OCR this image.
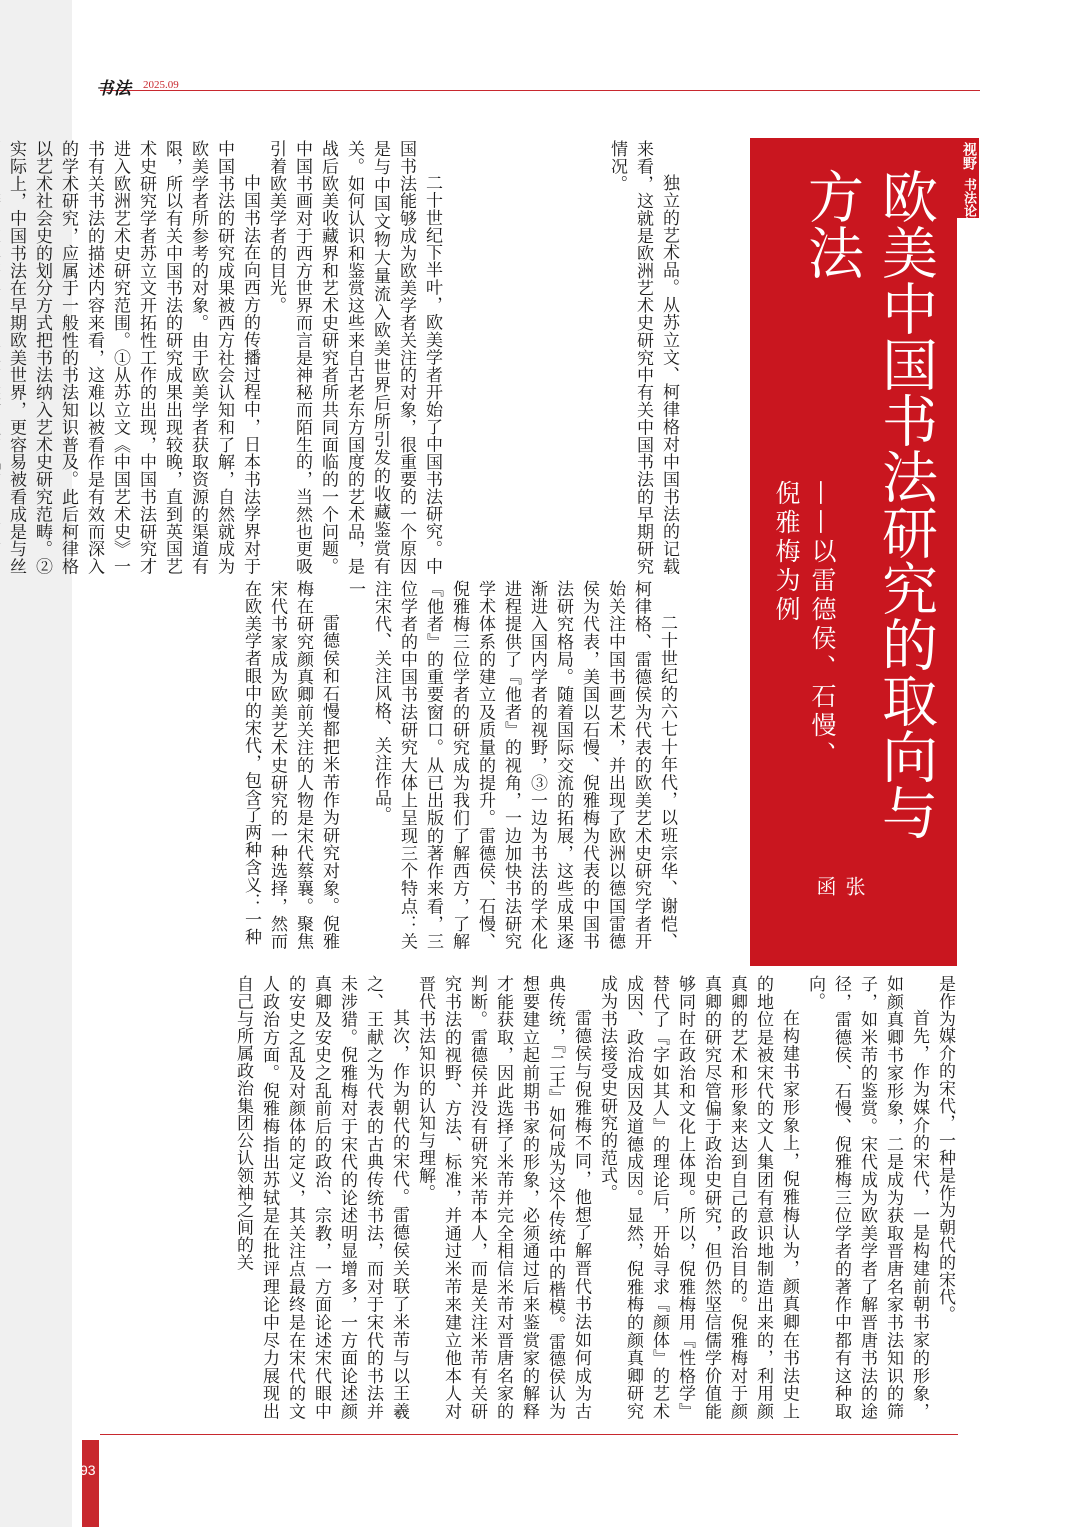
书法 2025.09
视野
书法论坛
欧美中国书法研究的取向与方法
——以雷德侯、石慢、倪雅梅为例
张 函

二十世纪下半叶，欧美学者开始了中国书法研究。中国书法能够成为欧美学者关注的对象，很重要的一个原因是与中国文物大量流入欧美世界后所引发的收藏鉴赏有关。如何认识和鉴赏这些来自古老东方国度的艺术品，是战后欧美收藏界和艺术史研究者所共同面临的一个问题。中国书画对于西方世界而言是神秘而陌生的，当然也更吸引着欧美学者的目光。

中国书法在向西方的传播过程中，日本书法学界对于中国书法的研究成果被西方社会认知和了解，自然就成为欧美学者所参考的对象。由于欧美学者获取资源的渠道有限，所以有关中国书法的研究成果出现较晚，直到英国艺术史研究学者苏立文开拓性工作的出现，中国书法研究才进入欧洲艺术史研究范围。①从苏立文《中国艺术史》一书有关书法的描述内容来看，这难以被看作是有效而深入的学术研究，应属于一般性的书法知识普及。此后柯律格以艺术社会史的划分方式把书法纳入艺术史研究范畴。②实际上，中国书法在早期欧美世界，更容易被看成是与丝	独立的艺术品。从苏立文、柯律格对中国书法的记载来看，这就是欧洲艺术史研究中有关中国书法的早期研究情况。

二十世纪的六七十年代，以班宗华、谢恺、柯律格、雷德侯为代表的欧美艺术史研究学者开始关注中国书画艺术，并出现了欧洲以德国雷德侯为代表，美国以石慢、倪雅梅为代表的中国书法研究格局。随着国际交流的拓展，这些成果逐渐进入国内学者的视野，③一边为书法的学术化进程提供了『他者』的视角，一边加快书法研究学术体系的建立及质量的提升。雷德侯、石慢、倪雅梅三位学者的研究成为我们了解西方，了解『他者』的重要窗口。从已出版的著作来看，三位学者的中国书法研究大体上呈现三个特点：关注宋代、关注风格、关注作品。

一

雷德侯和石慢都把米芾作为研究对象。倪雅梅在研究颜真卿前关注的人物是宋代蔡襄。聚焦宋代书家成为欧美艺术史研究的一种选择，然而在欧美学者眼中的宋代，包含了两种含义：一种

是作为媒介的宋代，一种是作为朝代的宋代。

首先，作为媒介的宋代，一是构建前朝书家的形象，如颜真卿书家形象，二是成为获取晋唐名家书法知识的筛子，如米芾的鉴赏。宋代成为欧美学者了解晋唐书法的途径，雷德侯、石慢、倪雅梅三位学者的著作中都有这种取向。

在构建书家形象上，倪雅梅认为，颜真卿在书法史上的地位是被宋代的文人集团有意识地制造出来的，利用颜真卿的艺术和形象来达到自己的政治目的。倪雅梅对于颜真卿的研究尽管偏于政治史研究，但仍然坚信儒学价值能够同时在政治和文化上体现。所以，倪雅梅用『性格学』替代了『字如其人』的理论后，开始寻求『颜体』的艺术成因、政治成因及道德成因。显然，倪雅梅的颜真卿研究成为书法接受史研究的范式。

雷德侯与倪雅梅不同，他想了解晋代书法如何成为古典传统，『二王』如何成为这个传统中的楷模。雷德侯认为想要建立起前期书家的形象，必须通过后来鉴赏家的解释才能获取，因此选择了米芾并完全相信米芾对晋唐名家的判断。雷德侯并没有研究米芾本人，而是关注米芾有关研究书法的视野、方法、标准，并通过米芾来建立他本人对晋代书法知识的认知与理解。

其次，作为朝代的宋代。雷德侯关联了米芾与以王羲之、王献之为代表的古典传统书法，而对于宋代的书法并未涉猎。倪雅梅对于宋代的论述明显增多，一方面论述颜真卿及安史之乱前后的政治、宗教，一方面论述宋代眼中的安史之乱及对颜体的定义，其关注点最终是在宋代的文人政治方面。倪雅梅指出苏轼是在批评理论中尽力展现出自己与所属政治集团公认领袖之间的关

93
